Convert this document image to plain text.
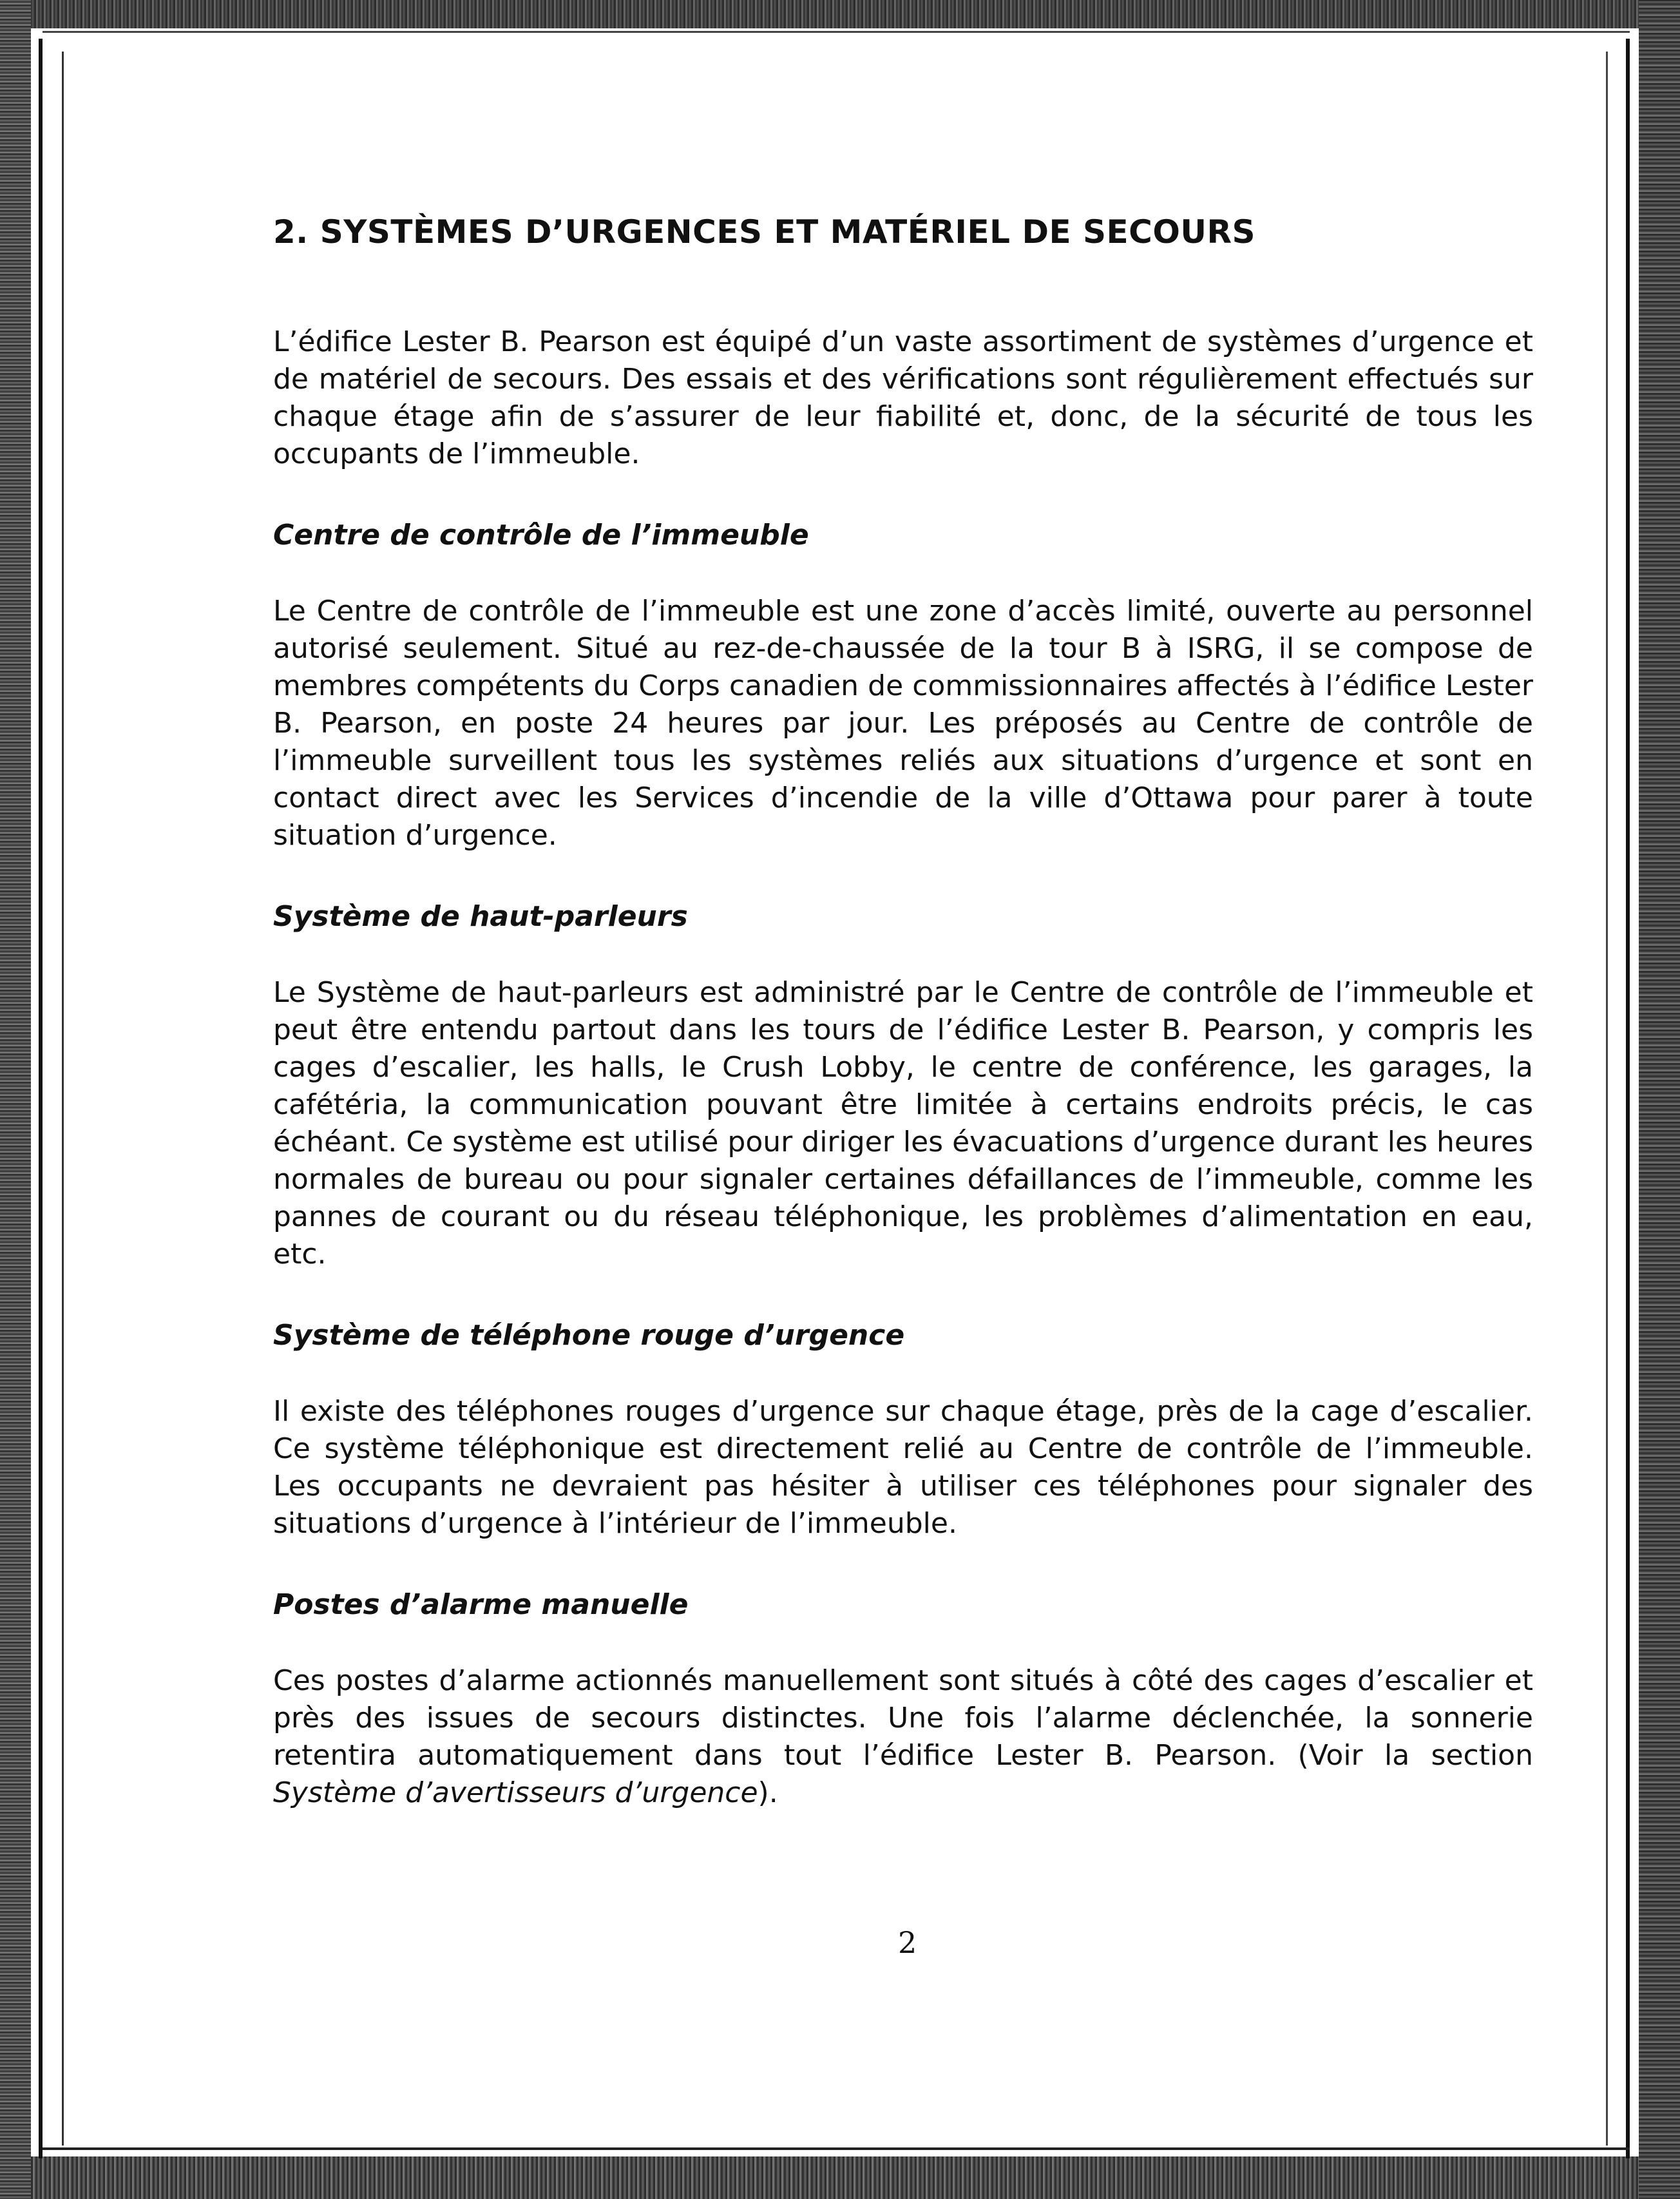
2. SYSTÈMES D’URGENCES ET MATÉRIEL DE SECOURS

L’édifice Lester B. Pearson est équipé d’un vaste assortiment de systèmes d’urgence et de matériel de secours. Des essais et des vérifications sont régulièrement effectués sur chaque étage afin de s’assurer de leur fiabilité et, donc, de la sécurité de tous les occupants de l’immeuble.

Centre de contrôle de l’immeuble

Le Centre de contrôle de l’immeuble est une zone d’accès limité, ouverte au personnel autorisé seulement. Situé au rez-de-chaussée de la tour B à ISRG, il se compose de membres compétents du Corps canadien de commissionnaires affectés à l’édifice Lester B. Pearson, en poste 24 heures par jour. Les préposés au Centre de contrôle de l’immeuble surveillent tous les systèmes reliés aux situations d’urgence et sont en contact direct avec les Services d’incendie de la ville d’Ottawa pour parer à toute situation d’urgence.

Système de haut-parleurs

Le Système de haut-parleurs est administré par le Centre de contrôle de l’immeuble et peut être entendu partout dans les tours de l’édifice Lester B. Pearson, y compris les cages d’escalier, les halls, le Crush Lobby, le centre de conférence, les garages, la cafétéria, la communication pouvant être limitée à certains endroits précis, le cas échéant. Ce système est utilisé pour diriger les évacuations d’urgence durant les heures normales de bureau ou pour signaler certaines défaillances de l’immeuble, comme les pannes de courant ou du réseau téléphonique, les problèmes d’alimentation en eau, etc.

Système de téléphone rouge d’urgence

Il existe des téléphones rouges d’urgence sur chaque étage, près de la cage d’escalier. Ce système téléphonique est directement relié au Centre de contrôle de l’immeuble. Les occupants ne devraient pas hésiter à utiliser ces téléphones pour signaler des situations d’urgence à l’intérieur de l’immeuble.

Postes d’alarme manuelle

Ces postes d’alarme actionnés manuellement sont situés à côté des cages d’escalier et près des issues de secours distinctes. Une fois l’alarme déclenchée, la sonnerie retentira automatiquement dans tout l’édifice Lester B. Pearson. (Voir la section Système d’avertisseurs d’urgence).

2
